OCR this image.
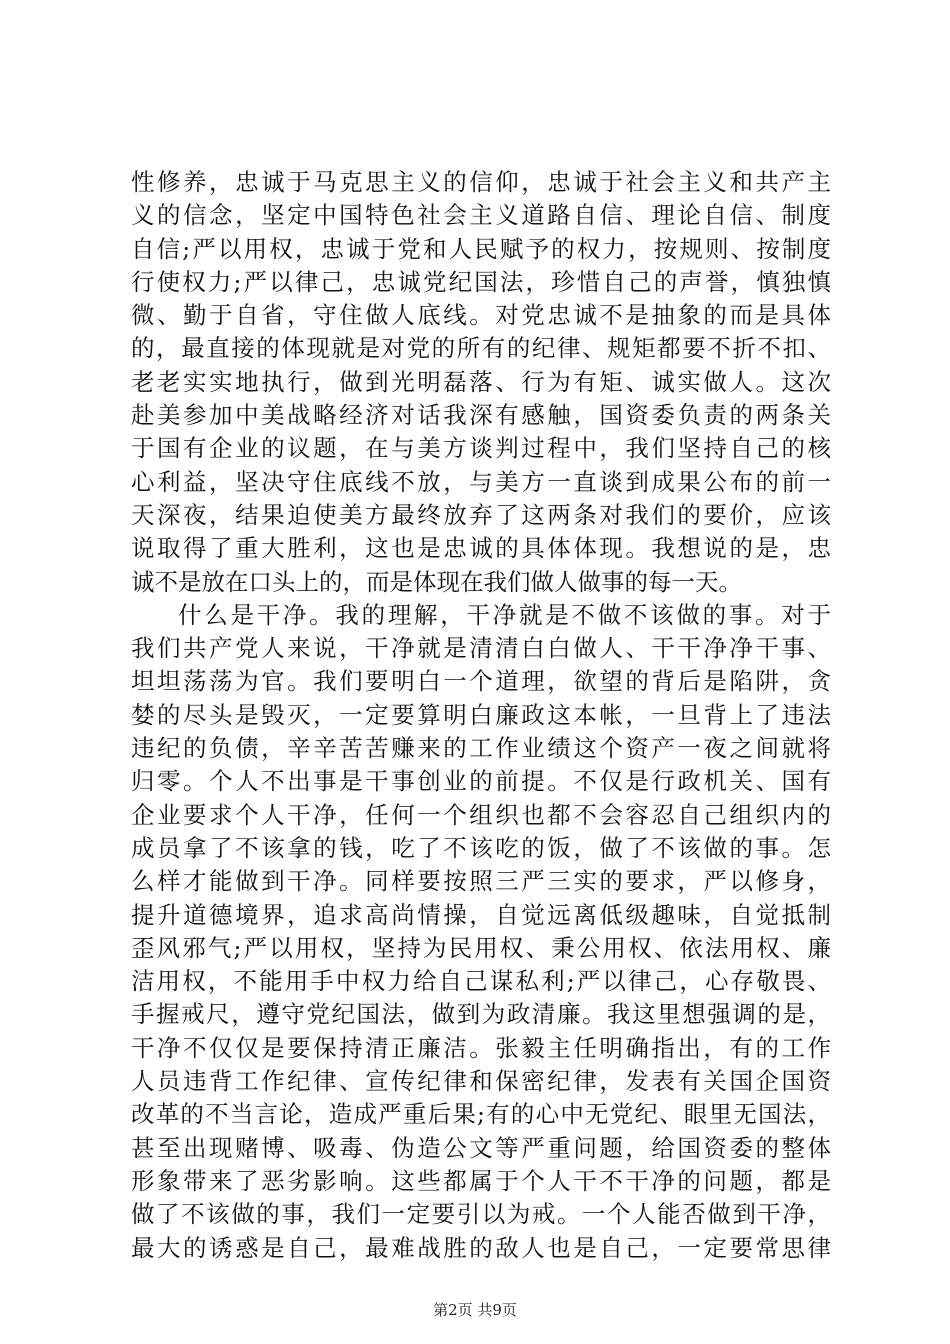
性修养，忠诚于马克思主义的信仰，忠诚于社会主义和共产主
义的信念，坚定中国特色社会主义道路自信、理论自信、制度
自信;严以用权，忠诚于党和人民赋予的权力，按规则、按制度
行使权力;严以律己，忠诚党纪国法，珍惜自己的声誉，慎独慎
微、勤于自省，守住做人底线。对党忠诚不是抽象的而是具体
的，最直接的体现就是对党的所有的纪律、规矩都要不折不扣、
老老实实地执行，做到光明磊落、行为有矩、诚实做人。这次
赴美参加中美战略经济对话我深有感触，国资委负责的两条关
于国有企业的议题，在与美方谈判过程中，我们坚持自己的核
心利益，坚决守住底线不放，与美方一直谈到成果公布的前一
天深夜，结果迫使美方最终放弃了这两条对我们的要价，应该
说取得了重大胜利，这也是忠诚的具体体现。我想说的是，忠
诚不是放在口头上的，而是体现在我们做人做事的每一天。
什么是干净。我的理解，干净就是不做不该做的事。对于
我们共产党人来说，干净就是清清白白做人、干干净净干事、
坦坦荡荡为官。我们要明白一个道理，欲望的背后是陷阱，贪
婪的尽头是毁灭，一定要算明白廉政这本帐，一旦背上了违法
违纪的负债，辛辛苦苦赚来的工作业绩这个资产一夜之间就将
归零。个人不出事是干事创业的前提。不仅是行政机关、国有
企业要求个人干净，任何一个组织也都不会容忍自己组织内的
成员拿了不该拿的钱，吃了不该吃的饭，做了不该做的事。怎
么样才能做到干净。同样要按照三严三实的要求，严以修身，
提升道德境界，追求高尚情操，自觉远离低级趣味，自觉抵制
歪风邪气;严以用权，坚持为民用权、秉公用权、依法用权、廉
洁用权，不能用手中权力给自己谋私利;严以律己，心存敬畏、
手握戒尺，遵守党纪国法，做到为政清廉。我这里想强调的是，
干净不仅仅是要保持清正廉洁。张毅主任明确指出，有的工作
人员违背工作纪律、宣传纪律和保密纪律，发表有关国企国资
改革的不当言论，造成严重后果;有的心中无党纪、眼里无国法，
甚至出现赌博、吸毒、伪造公文等严重问题，给国资委的整体
形象带来了恶劣影响。这些都属于个人干不干净的问题，都是
做了不该做的事，我们一定要引以为戒。一个人能否做到干净，
最大的诱惑是自己，最难战胜的敌人也是自己，一定要常思律
第2页 共9页
